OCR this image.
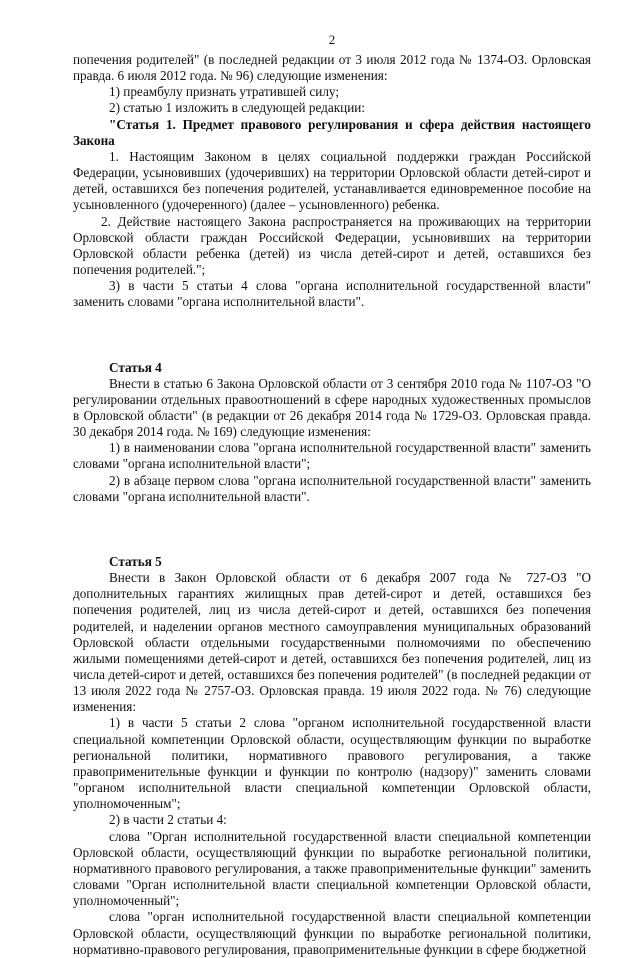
2

попечения родителей" (в последней редакции от 3 июля 2012 года № 1374-ОЗ. Орловская правда. 6 июля 2012 года. № 96) следующие изменения:

1) преамбулу признать утратившей силу;

2) статью 1 изложить в следующей редакции:

"Статья 1. Предмет правового регулирования и сфера действия настоящего Закона

1. Настоящим Законом в целях социальной поддержки граждан Российской Федерации, усыновивших (удочеривших) на территории Орловской области детей-сирот и детей, оставшихся без попечения родителей, устанавливается единовременное пособие на усыновленного (удочеренного) (далее – усыновленного) ребенка.

2. Действие настоящего Закона распространяется на проживающих на территории Орловской области граждан Российской Федерации, усыновивших на территории Орловской области ребенка (детей) из числа детей-сирот и детей, оставшихся без попечения родителей.";

3) в части 5 статьи 4 слова "органа исполнительной государственной власти" заменить словами "органа исполнительной власти".

Статья 4

Внести в статью 6 Закона Орловской области от 3 сентября 2010 года № 1107-ОЗ "О регулировании отдельных правоотношений в сфере народных художественных промыслов в Орловской области" (в редакции от 26 декабря 2014 года № 1729-ОЗ. Орловская правда. 30 декабря 2014 года. № 169) следующие изменения:

1) в наименовании слова "органа исполнительной государственной власти" заменить словами "органа исполнительной власти";

2) в абзаце первом слова "органа исполнительной государственной власти" заменить словами "органа исполнительной власти".

Статья 5

Внести в Закон Орловской области от 6 декабря 2007 года № 727-ОЗ "О дополнительных гарантиях жилищных прав детей-сирот и детей, оставшихся без попечения родителей, лиц из числа детей-сирот и детей, оставшихся без попечения родителей, и наделении органов местного самоуправления муниципальных образований Орловской области отдельными государственными полномочиями по обеспечению жилыми помещениями детей-сирот и детей, оставшихся без попечения родителей, лиц из числа детей-сирот и детей, оставшихся без попечения родителей" (в последней редакции от 13 июля 2022 года № 2757-ОЗ. Орловская правда. 19 июля 2022 года. № 76) следующие изменения:

1) в части 5 статьи 2 слова "органом исполнительной государственной власти специальной компетенции Орловской области, осуществляющим функции по выработке региональной политики, нормативного правового регулирования, а также правоприменительные функции и функции по контролю (надзору)" заменить словами "органом исполнительной власти специальной компетенции Орловской области, уполномоченным";

2) в части 2 статьи 4:

слова "Орган исполнительной государственной власти специальной компетенции Орловской области, осуществляющий функции по выработке региональной политики, нормативного правового регулирования, а также правоприменительные функции" заменить словами "Орган исполнительной власти специальной компетенции Орловской области, уполномоченный";

слова "орган исполнительной государственной власти специальной компетенции Орловской области, осуществляющий функции по выработке региональной политики, нормативно-правового регулирования, правоприменительные функции в сфере бюджетной
